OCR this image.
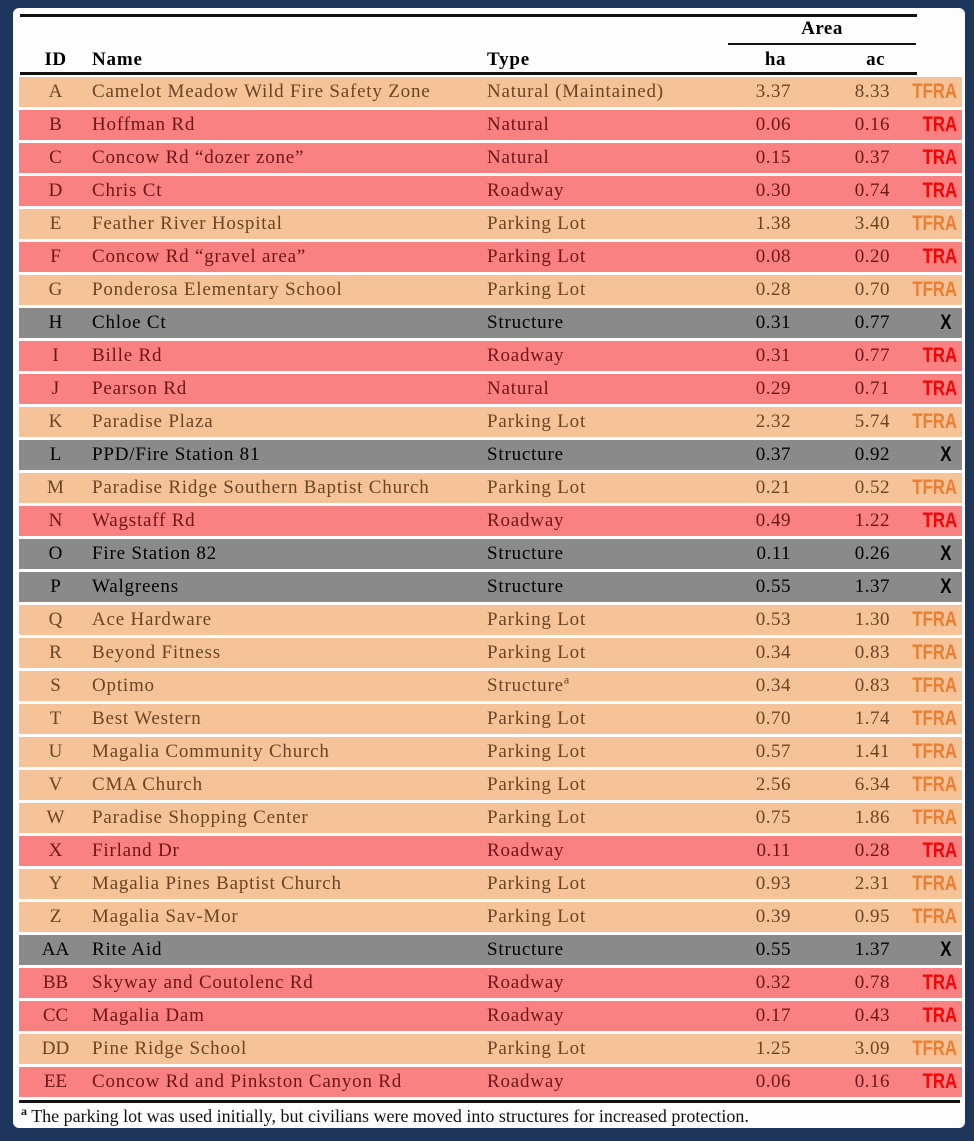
Area
ID	Name	Type	ha	ac
A	Camelot Meadow Wild Fire Safety Zone	Natural (Maintained)	3.37	8.33	TFRA
B	Hoffman Rd	Natural	0.06	0.16	TRA
C	Concow Rd “dozer zone”	Natural	0.15	0.37	TRA
D	Chris Ct	Roadway	0.30	0.74	TRA
E	Feather River Hospital	Parking Lot	1.38	3.40	TFRA
F	Concow Rd “gravel area”	Parking Lot	0.08	0.20	TRA
G	Ponderosa Elementary School	Parking Lot	0.28	0.70	TFRA
H	Chloe Ct	Structure	0.31	0.77	X
I	Bille Rd	Roadway	0.31	0.77	TRA
J	Pearson Rd	Natural	0.29	0.71	TRA
K	Paradise Plaza	Parking Lot	2.32	5.74	TFRA
L	PPD/Fire Station 81	Structure	0.37	0.92	X
M	Paradise Ridge Southern Baptist Church	Parking Lot	0.21	0.52	TFRA
N	Wagstaff Rd	Roadway	0.49	1.22	TRA
O	Fire Station 82	Structure	0.11	0.26	X
P	Walgreens	Structure	0.55	1.37	X
Q	Ace Hardware	Parking Lot	0.53	1.30	TFRA
R	Beyond Fitness	Parking Lot	0.34	0.83	TFRA
S	Optimo	Structure$^a$	0.34	0.83	TFRA
T	Best Western	Parking Lot	0.70	1.74	TFRA
U	Magalia Community Church	Parking Lot	0.57	1.41	TFRA
V	CMA Church	Parking Lot	2.56	6.34	TFRA
W	Paradise Shopping Center	Parking Lot	0.75	1.86	TFRA
X	Firland Dr	Roadway	0.11	0.28	TRA
Y	Magalia Pines Baptist Church	Parking Lot	0.93	2.31	TFRA
Z	Magalia Sav-Mor	Parking Lot	0.39	0.95	TFRA
AA	Rite Aid	Structure	0.55	1.37	X
BB	Skyway and Coutolenc Rd	Roadway	0.32	0.78	TRA
CC	Magalia Dam	Roadway	0.17	0.43	TRA
DD	Pine Ridge School	Parking Lot	1.25	3.09	TFRA
EE	Concow Rd and Pinkston Canyon Rd	Roadway	0.06	0.16	TRA
$^a$ The parking lot was used initially, but civilians were moved into structures for increased protection.
